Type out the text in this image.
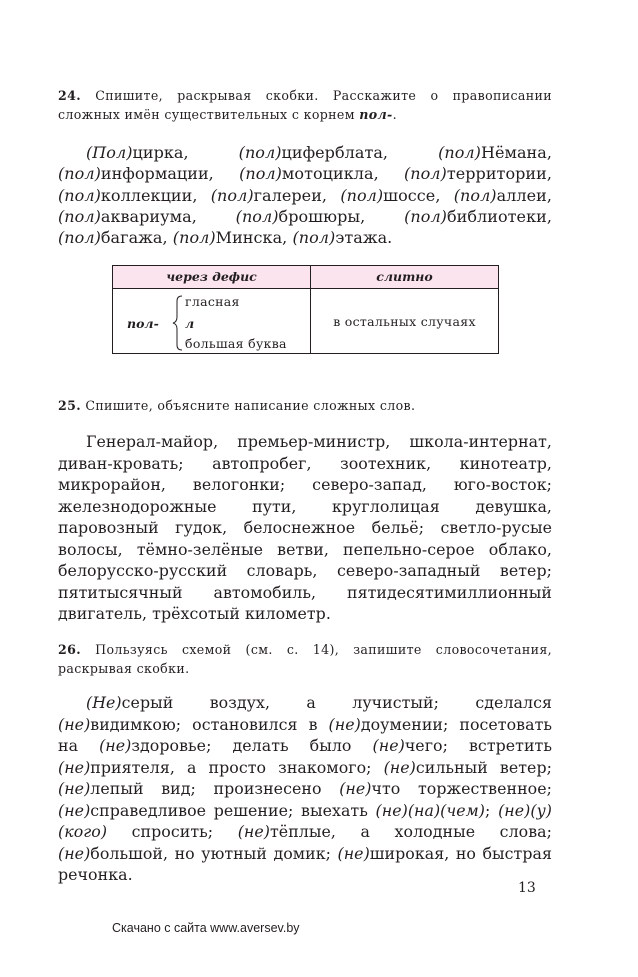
24. Спишите, раскрывая скобки. Расскажите о правописании сложных имён существительных с корнем пол-.

(Пол)цирка, (пол)циферблата, (пол)Нёмана, (пол)информации, (пол)мотоцикла, (пол)территории, (пол)коллекции, (пол)галереи, (пол)шоссе, (пол)аллеи, (пол)аквариума, (пол)брошюры, (пол)библиотеки, (пол)багажа, (пол)Минска, (пол)этажа.

через дефис	слитно
пол-
гласная
л
большая буква
в остальных случаях
25. Спишите, объясните написание сложных слов.

Генерал-майор, премьер-министр, школа-интернат, диван-кровать; автопробег, зоотехник, кинотеатр, микрорайон, велогонки; северо-запад, юго-восток; железнодорожные пути, круглолицая девушка, паровозный гудок, белоснежное бельё; светло-русые волосы, тёмно-зелёные ветви, пепельно-серое облако, белорусско-русский словарь, северо-западный ветер; пятитысячный автомобиль, пятидесятимиллионный двигатель, трёхсотый километр.

26. Пользуясь схемой (см. с. 14), запишите словосочетания, раскрывая скобки.

(Не)серый воздух, а лучистый; сделался (не)видимкою; остановился в (не)доумении; посетовать на (не)здоровье; делать было (не)чего; встретить (не)приятеля, а просто знакомого; (не)сильный ветер; (не)лепый вид; произнесено (не)что торжественное; (не)справедливое решение; выехать (не)(на)(чем); (не)(у)(кого) спросить; (не)тёплые, а холодные слова; (не)большой, но уютный домик; (не)широкая, но быстрая речонка.

13
Скачано с сайта www.aversev.by
